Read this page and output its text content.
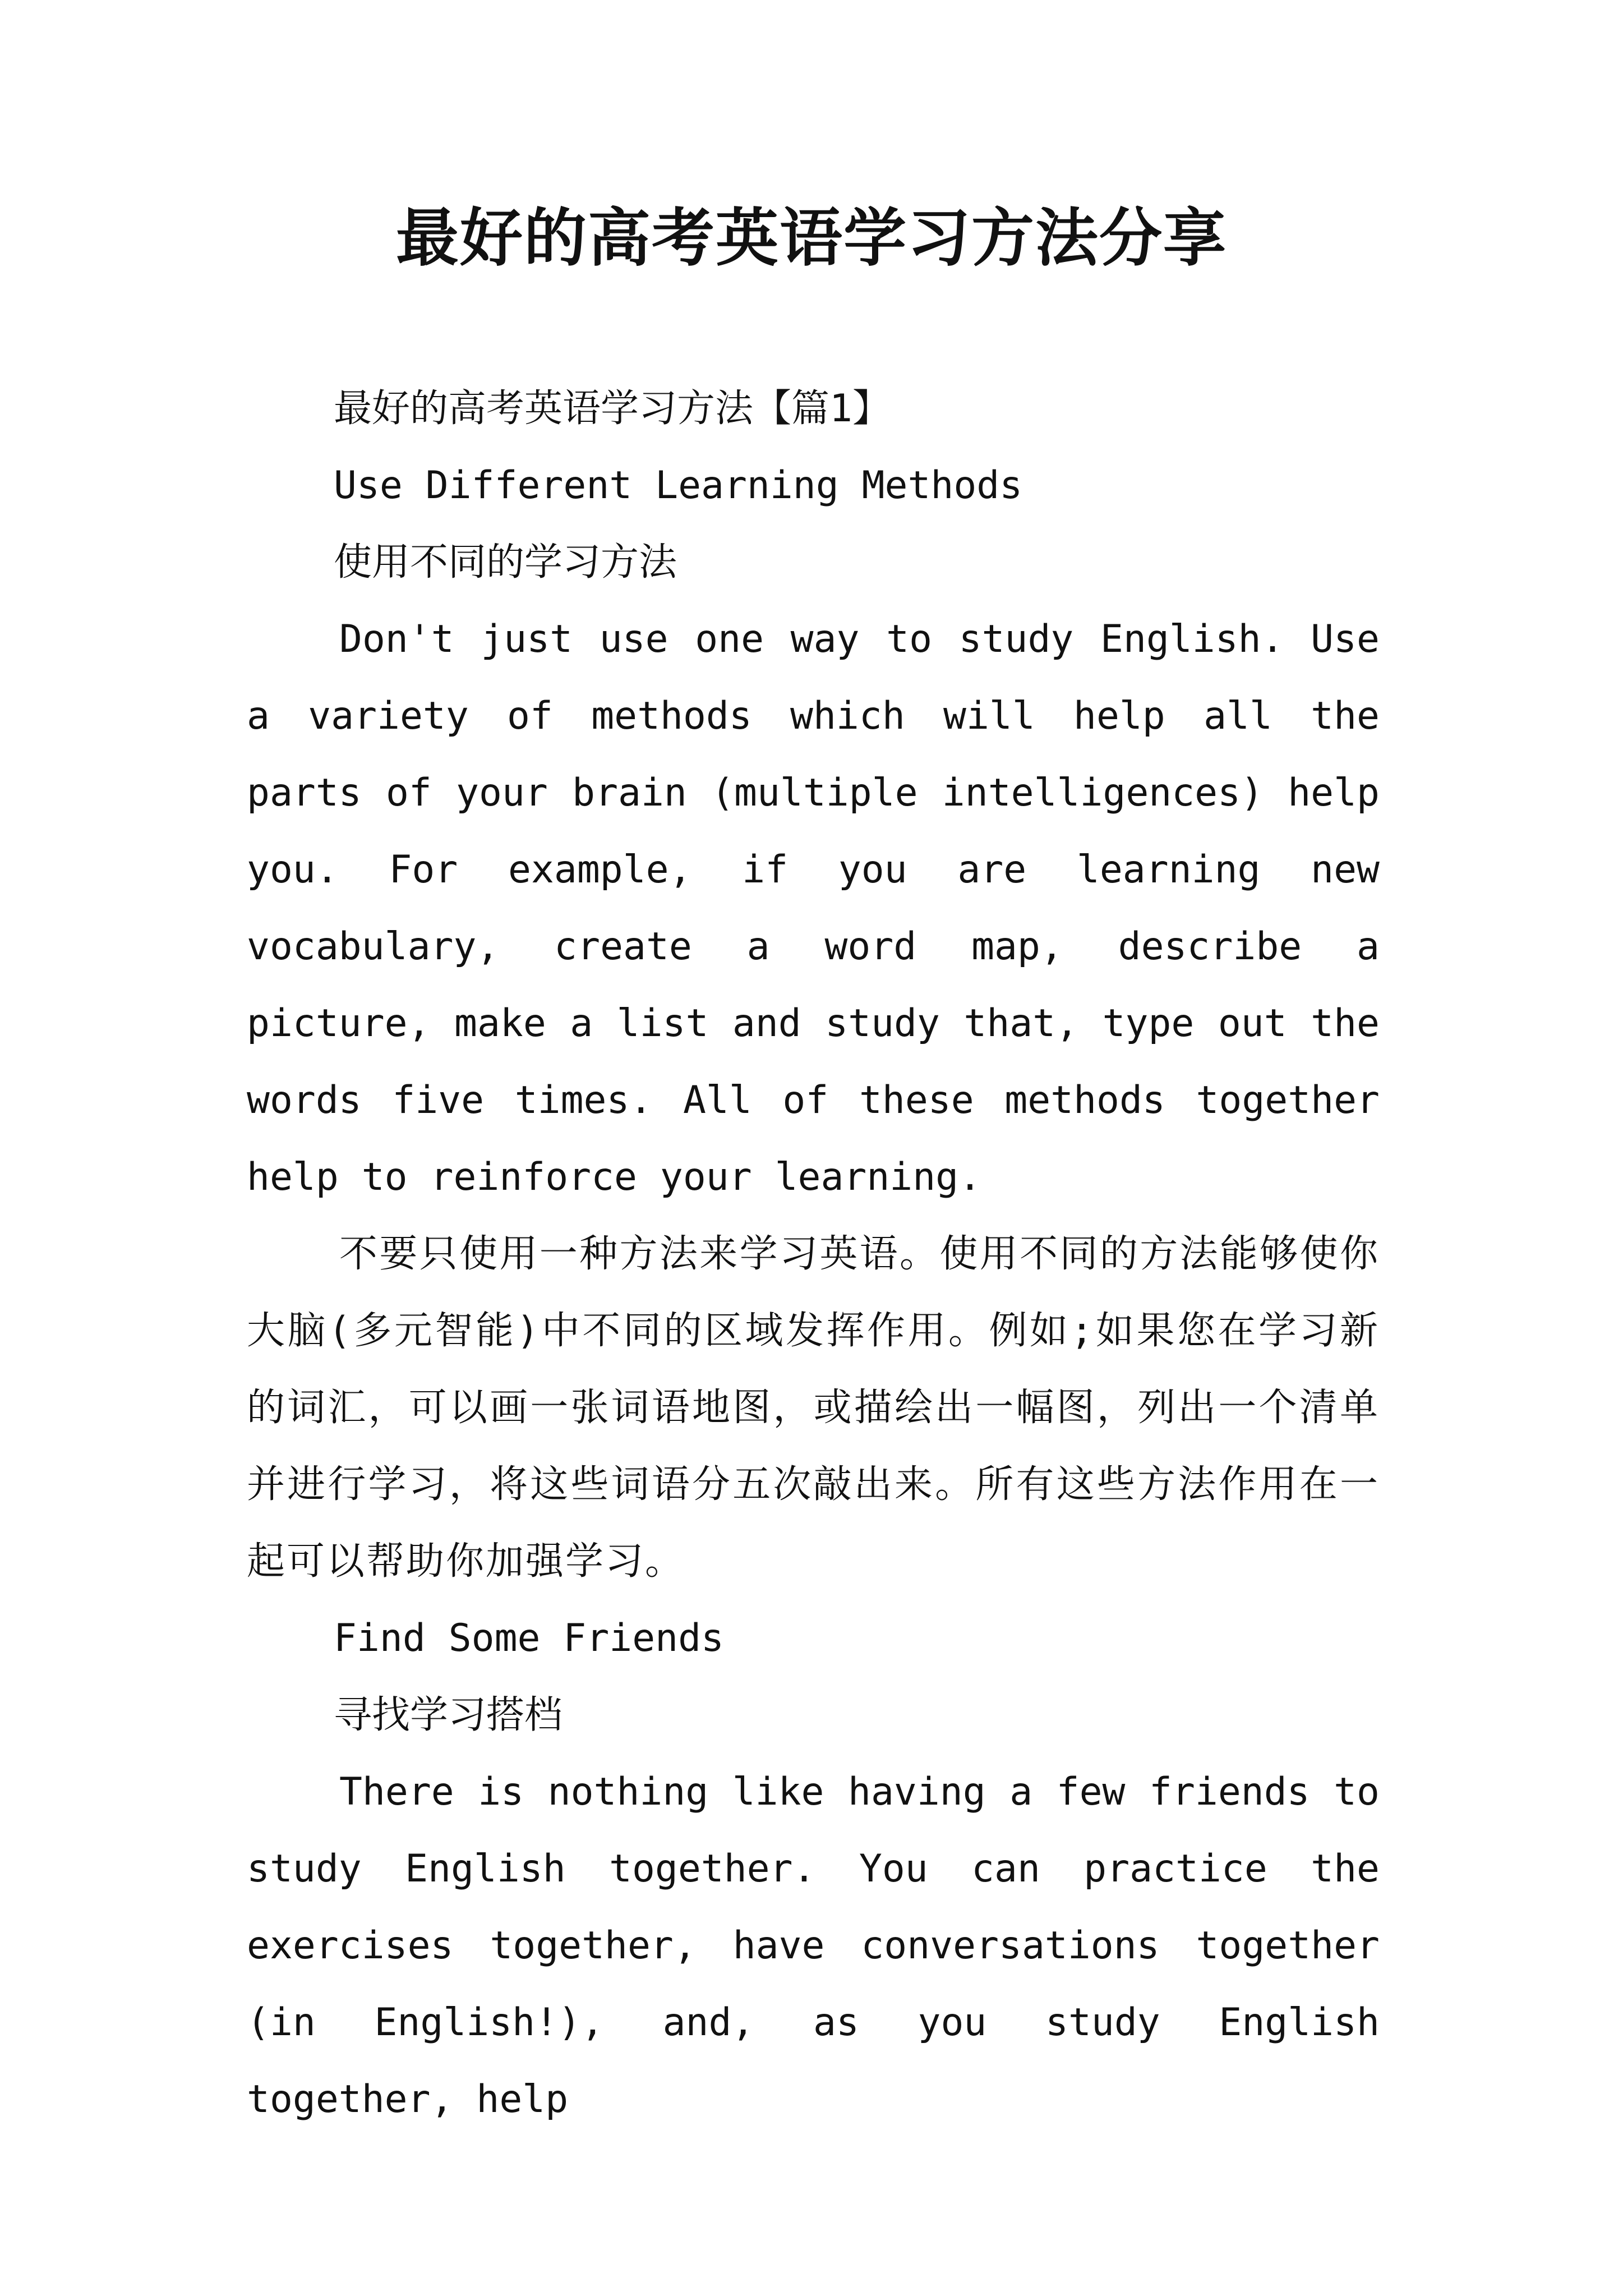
最好的高考英语学习方法分享
最好的高考英语学习方法【篇1】
Use Different Learning Methods
使用不同的学习方法

Don't just use one way to study English. Use a variety of methods which will help all the parts of your brain (multiple intelligences) help you. For example, if you are learning new vocabulary, create a word map, describe a picture, make a list and study that, type out the words five times. All of these methods together help to reinforce your learning.

不要只使用一种方法来学习英语。使用不同的方法能够使你大脑(多元智能)中不同的区域发挥作用。例如;如果您在学习新的词汇，可以画一张词语地图，或描绘出一幅图，列出一个清单并进行学习，将这些词语分五次敲出来。所有这些方法作用在一起可以帮助你加强学习。

Find Some Friends
寻找学习搭档

There is nothing like having a few friends to study English together. You can practice the exercises together, have conversations together (in English!), and, as you study English together, help
